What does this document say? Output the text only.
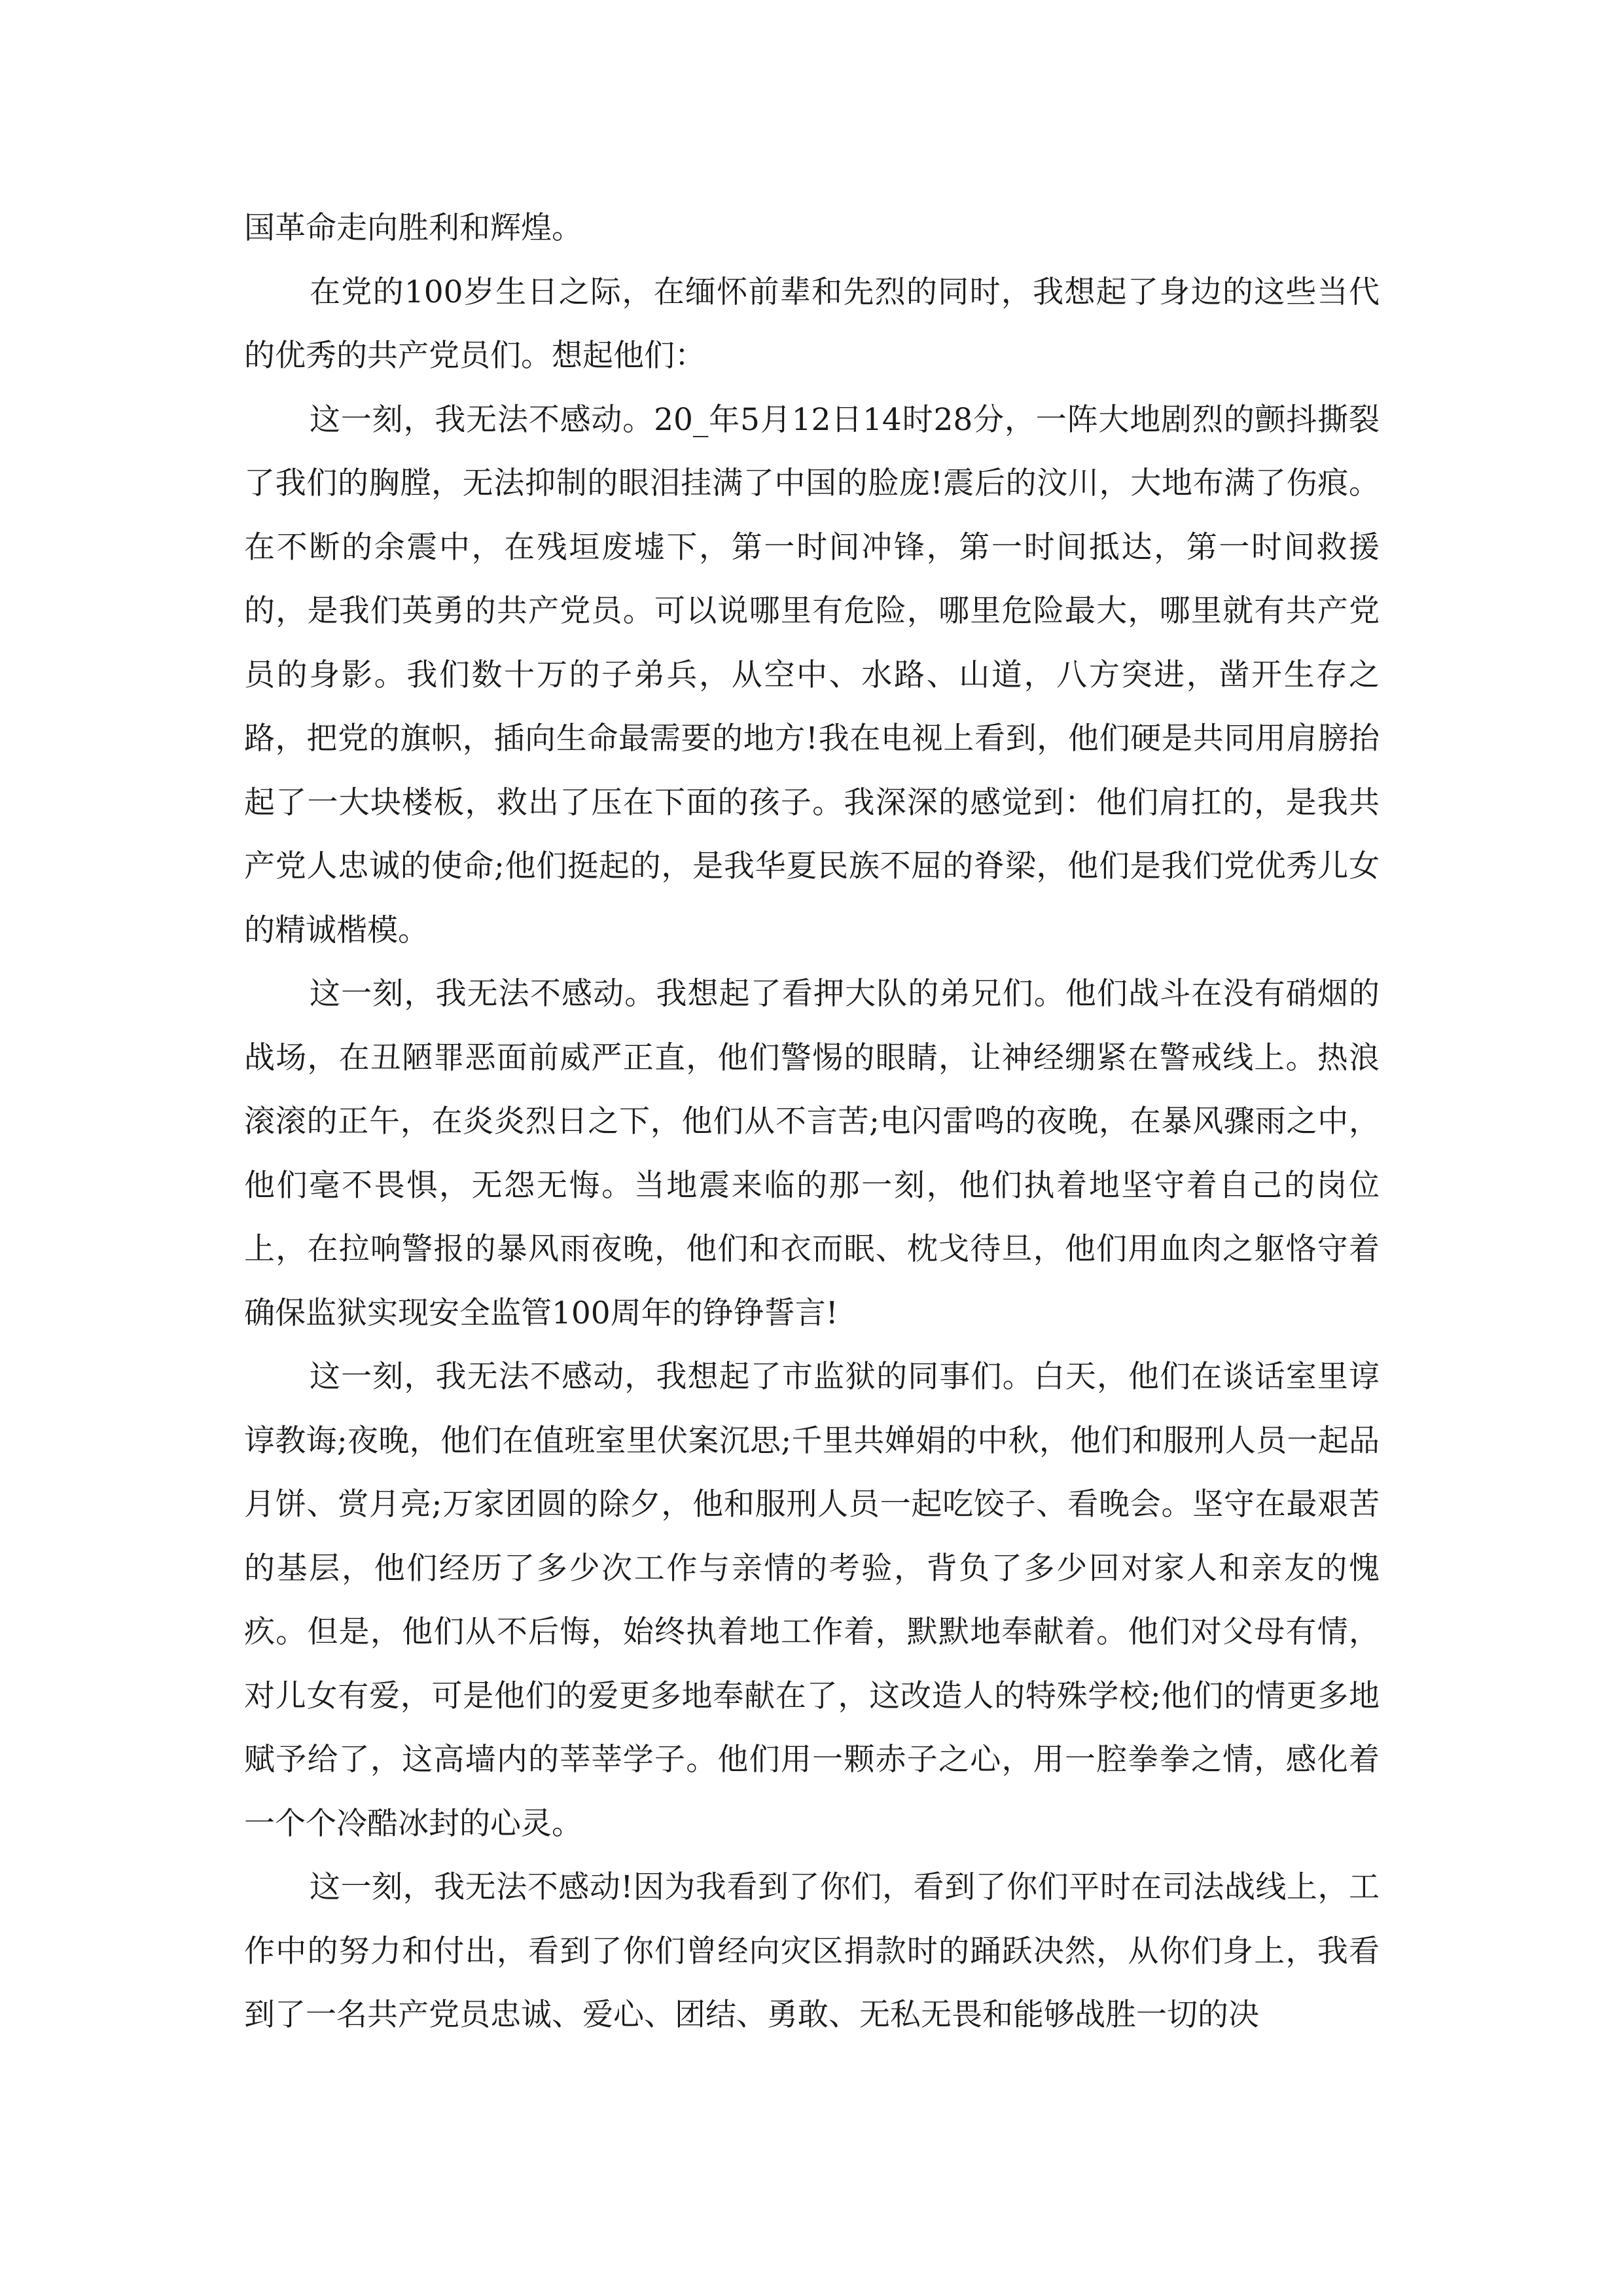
国革命走向胜利和辉煌。

在党的100岁生日之际，在缅怀前辈和先烈的同时，我想起了身边的这些当代的优秀的共产党员们。想起他们：

这一刻，我无法不感动。20_年5月12日14时28分，一阵大地剧烈的颤抖撕裂了我们的胸膛，无法抑制的眼泪挂满了中国的脸庞!震后的汶川，大地布满了伤痕。在不断的余震中，在残垣废墟下，第一时间冲锋，第一时间抵达，第一时间救援的，是我们英勇的共产党员。可以说哪里有危险，哪里危险最大，哪里就有共产党员的身影。我们数十万的子弟兵，从空中、水路、山道，八方突进，凿开生存之路，把党的旗帜，插向生命最需要的地方!我在电视上看到，他们硬是共同用肩膀抬起了一大块楼板，救出了压在下面的孩子。我深深的感觉到：他们肩扛的，是我共产党人忠诚的使命;他们挺起的，是我华夏民族不屈的脊梁，他们是我们党优秀儿女的精诚楷模。

这一刻，我无法不感动。我想起了看押大队的弟兄们。他们战斗在没有硝烟的战场，在丑陋罪恶面前威严正直，他们警惕的眼睛，让神经绷紧在警戒线上。热浪滚滚的正午，在炎炎烈日之下，他们从不言苦;电闪雷鸣的夜晚，在暴风骤雨之中，他们毫不畏惧，无怨无悔。当地震来临的那一刻，他们执着地坚守着自己的岗位上，在拉响警报的暴风雨夜晚，他们和衣而眠、枕戈待旦，他们用血肉之躯恪守着确保监狱实现安全监管100周年的铮铮誓言!

这一刻，我无法不感动，我想起了市监狱的同事们。白天，他们在谈话室里谆谆教诲;夜晚，他们在值班室里伏案沉思;千里共婵娟的中秋，他们和服刑人员一起品月饼、赏月亮;万家团圆的除夕，他和服刑人员一起吃饺子、看晚会。坚守在最艰苦的基层，他们经历了多少次工作与亲情的考验，背负了多少回对家人和亲友的愧疚。但是，他们从不后悔，始终执着地工作着，默默地奉献着。他们对父母有情，对儿女有爱，可是他们的爱更多地奉献在了，这改造人的特殊学校;他们的情更多地赋予给了，这高墙内的莘莘学子。他们用一颗赤子之心，用一腔拳拳之情，感化着一个个冷酷冰封的心灵。

这一刻，我无法不感动!因为我看到了你们，看到了你们平时在司法战线上，工作中的努力和付出，看到了你们曾经向灾区捐款时的踊跃决然，从你们身上，我看到了一名共产党员忠诚、爱心、团结、勇敢、无私无畏和能够战胜一切的决
